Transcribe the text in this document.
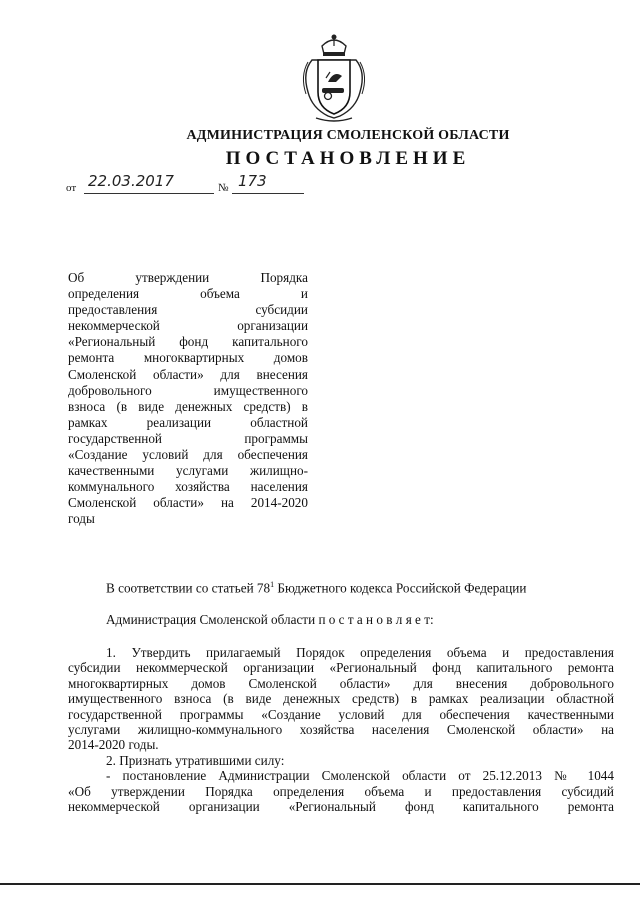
АДМИНИСТРАЦИЯ СМОЛЕНСКОЙ ОБЛАСТИ
ПОСТАНОВЛЕНИЕ
от 22.03.2017	№ 173
Об утверждении Порядка
определения объема и
предоставления субсидии
некоммерческой организации
«Региональный фонд капитального
ремонта многоквартирных домов
Смоленской области» для внесения
добровольного имущественного
взноса (в виде денежных средств) в
рамках реализации областной
государственной программы
«Создание условий для обеспечения
качественными услугами жилищно-
коммунального хозяйства населения
Смоленской области» на 2014-2020
годы
В соответствии со статьей $78^1$ Бюджетного кодекса Российской Федерации
Администрация Смоленской области п о с т а н о в л я е т:
1. Утвердить прилагаемый Порядок определения объема и предоставления
субсидии некоммерческой организации «Региональный фонд капитального ремонта
многоквартирных домов Смоленской области» для внесения добровольного
имущественного взноса (в виде денежных средств) в рамках реализации областной
государственной программы «Создание условий для обеспечения качественными
услугами жилищно-коммунального хозяйства населения Смоленской области» на
2014-2020 годы.
2. Признать утратившими силу:
- постановление Администрации Смоленской области от 25.12.2013 № 1044
«Об утверждении Порядка определения объема и предоставления субсидий
некоммерческой организации «Региональный фонд капитального ремонта
